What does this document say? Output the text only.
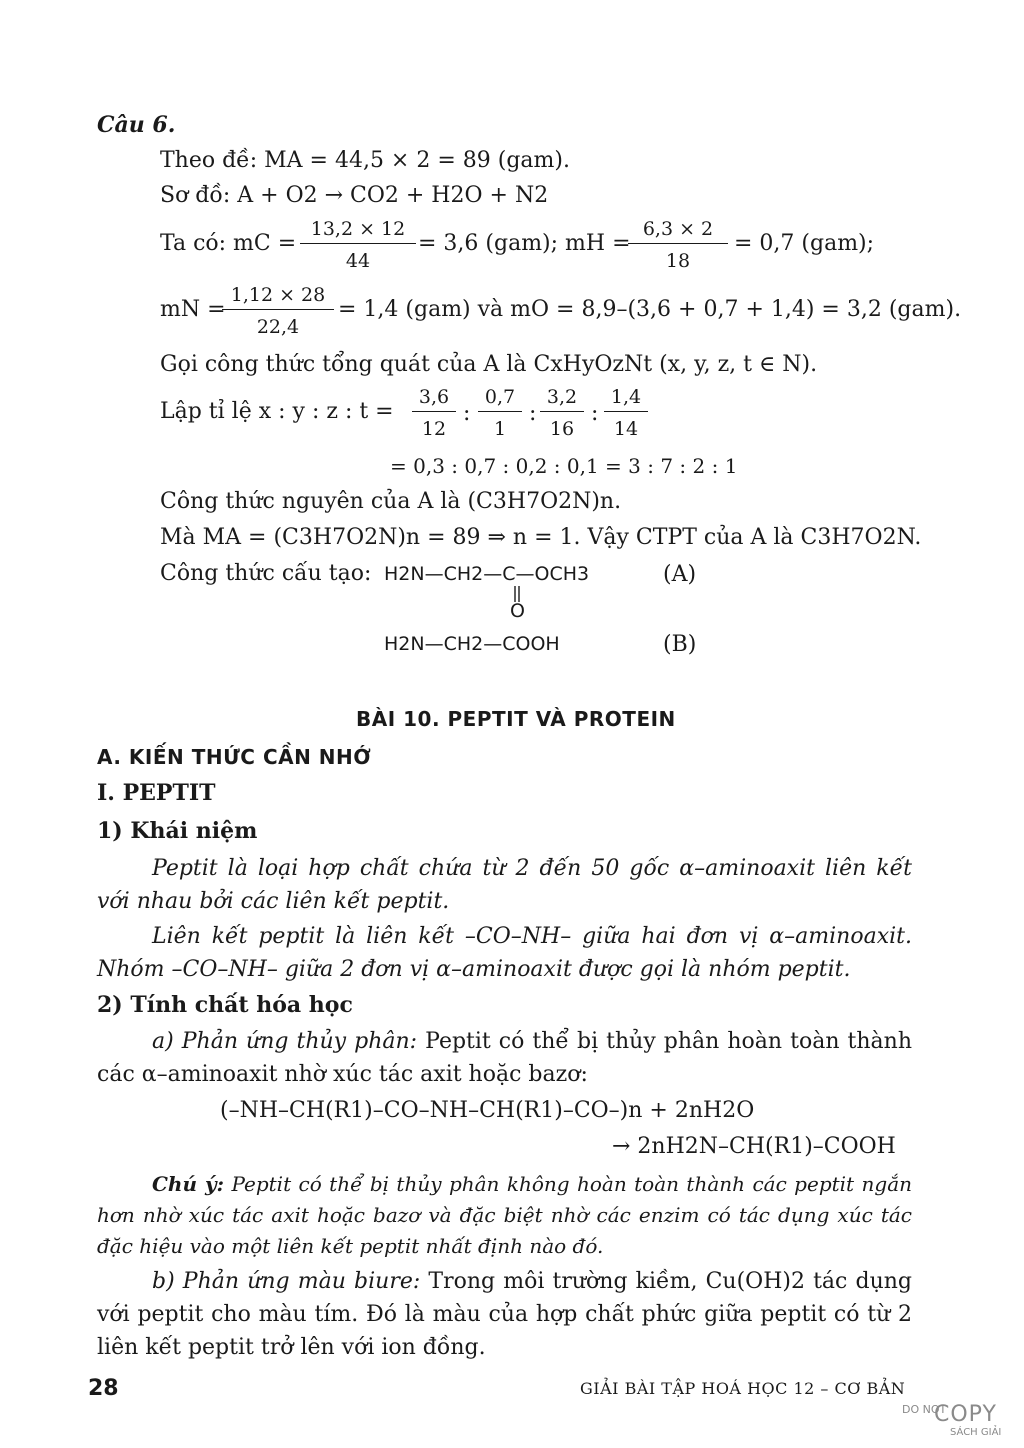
Câu 6.
Theo đề: MA = 44,5 × 2 = 89 (gam).
Sơ đồ: A + O2 → CO2 + H2O + N2
Ta có: mC = $\frac{13,2 \times 12}{44} = 3,6$ (gam); mH =
$\frac{6,3 \times 2}{18} = 0,7$ (gam);
mN =
$\frac{1,12 \times 28}{22,4} = 1,4$ (gam) và mO = 8,9–(3,6 + 0,7 + 1,4) = 3,2 (gam).
Gọi công thức tổng quát của A là CxHyOzNt (x, y, z, t ∈ N).
Lập tỉ lệ x : y : z : $t = \frac{3,6}{12}$ : $\frac{0,7}{1}$ : $\frac{3,2}{16}$ : $\frac{1,4}{14}$
= 0,3 : 0,7 : 0,2 : 0,1 = 3 : 7 : 2 : 1
Công thức nguyên của A là (C3H7O2N)n.
Mà MA = (C3H7O2N)n = 89 ⇒ n = 1. Vậy CTPT của A là C3H7O2N.
Công thức cấu tạo: H2N—CH2—C—OCH3
O
(A)
H2N—CH2—COOH	(B)
BÀI 10. PEPTIT VÀ PROTEIN
A. KIẾN THỨC CẦN NHỚ
I. PEPTIT
1) Khái niệm
Peptit là loại hợp chất chứa từ 2 đến 50 gốc α–aminoaxit liên kết với nhau bởi các liên kết peptit.
Liên kết peptit là liên kết –CO–NH– giữa hai đơn vị α–aminoaxit. Nhóm –CO–NH– giữa 2 đơn vị α–aminoaxit được gọi là nhóm peptit.
2) Tính chất hóa học
a) Phản ứng thủy phân: Peptit có thể bị thủy phân hoàn toàn thành các α–aminoaxit nhờ xúc tác axit hoặc bazơ:
(–NH–CH(R1)–CO–NH–CH(R1)–CO–)n + 2nH2O
→ 2nH2N–CH(R1)–COOH
Chú ý: Peptit có thể bị thủy phân không hoàn toàn thành các peptit ngắn hơn nhờ xúc tác axit hoặc bazơ và đặc biệt nhờ các enzim có tác dụng xúc tác đặc hiệu vào một liên kết peptit nhất định nào đó.
b) Phản ứng màu biure: Trong môi trường kiềm, Cu(OH)2 tác dụng với peptit cho màu tím. Đó là màu của hợp chất phức giữa peptit có từ 2 liên kết peptit trở lên với ion đồng.
28	GIẢI BÀI TẬP HOÁ HỌC 12 – CƠ BẢN
DO NOT
COPY
SÁCH GIẢI
